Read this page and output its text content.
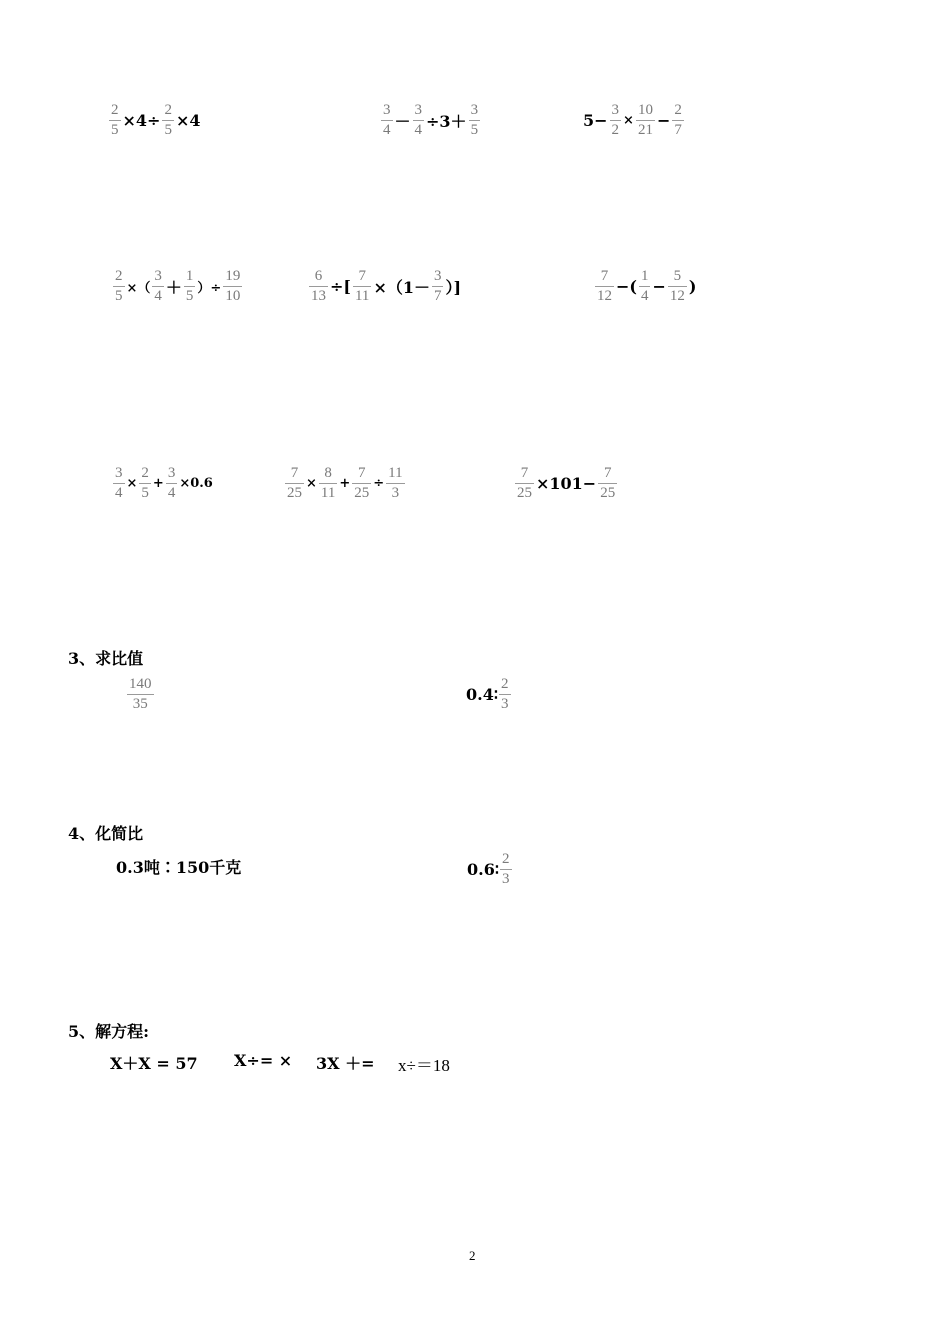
$\frac{2}{5} \times 4\div \frac{2}{5} \times 4$	$\frac{3}{4} - \frac{3}{4} \div 3+ \frac{3}{5}$	$5- \frac{3}{2} \times \frac{10}{21} - \frac{2}{7}$
$\frac{2}{5}$ ×（ $\frac{3}{4} + \frac{1}{5}$ ）÷ $\frac{19}{10}$	$\frac{6}{13}$ ÷[ $\frac{7}{11} \times(1- \frac{3}{7}$ ）]	$\frac{7}{12}$ −( $\frac{1}{4} - \frac{5}{12}$ )
$\frac{3}{4} \times \frac{2}{5} + \frac{3}{4} \times 0.6$	$\frac{7}{25} \times \frac{8}{11} + \frac{7}{25} \div \frac{11}{3}$	$\frac{7}{25} \times 101- \frac{7}{25}$
3、求比值
$\frac{140}{35}$	0.4∶ $\frac{2}{3}$
4、化简比
0.3吨∶150千克	0.6∶ $\frac{2}{3}$
5、解方程:
X＋X = 57 X÷= × 3X ＋= x÷＝18
2
